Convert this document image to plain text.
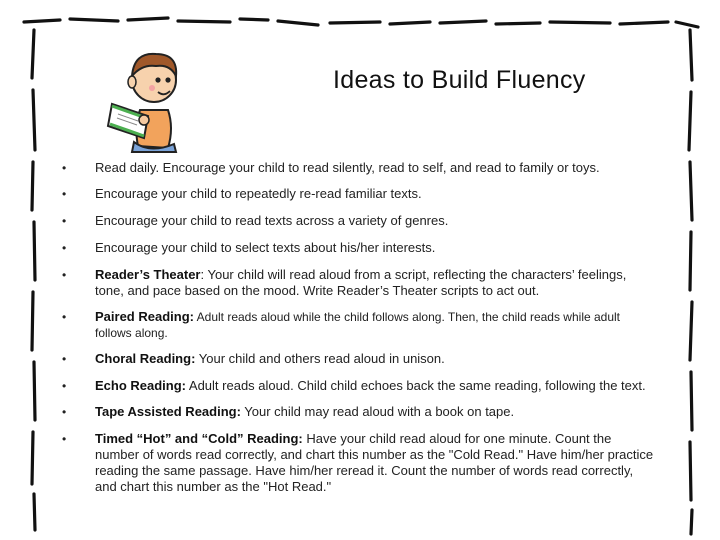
Ideas to Build Fluency
• Read daily. Encourage your child to read silently, read to self, and read to family or toys.
• Encourage your child to repeatedly re-read familiar texts.
• Encourage your child to read texts across a variety of genres.
• Encourage your child to select texts about his/her interests.
• Reader’s Theater: Your child will read aloud from a script, reflecting the characters’ feelings, tone, and pace based on the mood. Write Reader’s Theater scripts to act out.
• Paired Reading: Adult reads aloud while the child follows along. Then, the child reads while adult follows along.
• Choral Reading: Your child and others read aloud in unison.
• Echo Reading: Adult reads aloud. Child child echoes back the same reading, following the text.
• Tape Assisted Reading: Your child may read aloud with a book on tape.
• Timed “Hot” and “Cold” Reading: Have your child read aloud for one minute. Count the number of words read correctly, and chart this number as the "Cold Read." Have him/her practice reading the same passage. Have him/her reread it. Count the number of words read correctly, and chart this number as the "Hot Read."
